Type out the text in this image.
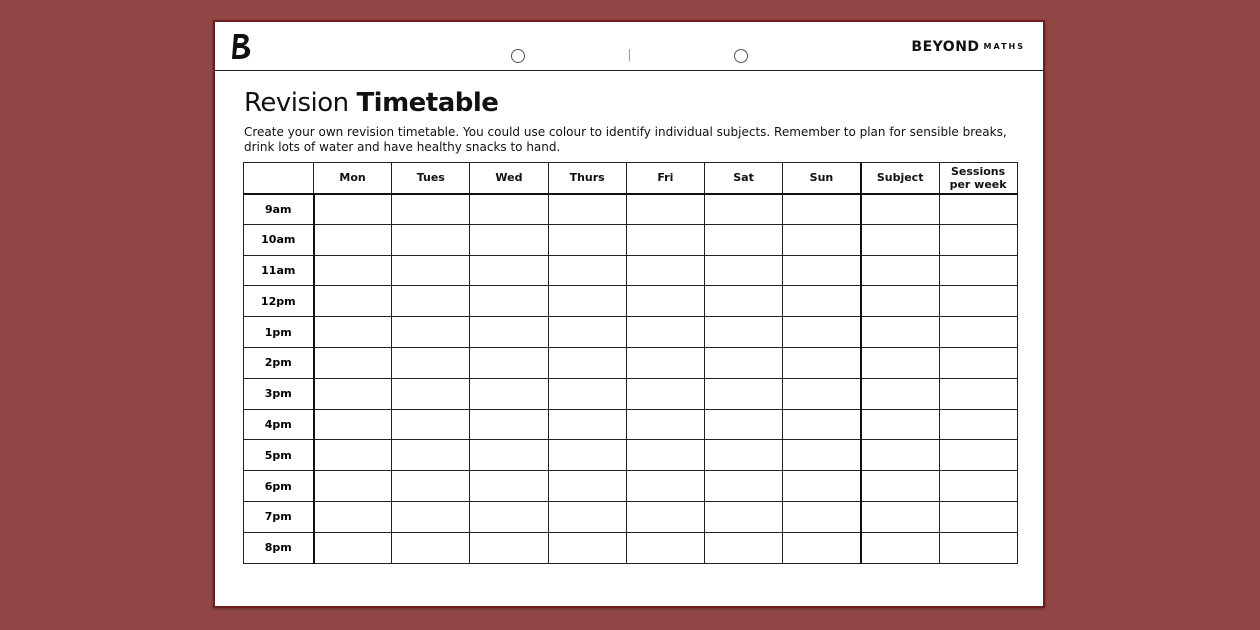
BEYOND $^{MATHS}$
Revision Timetable

Create your own revision timetable. You could use colour to identify individual subjects. Remember to plan for sensible breaks, drink lots of water and have healthy snacks to hand.

	Mon	Tues	Wed	Thurs	Fri	Sat	Sun	Subject	Sessions
per week
9am									
10am									
11am									
12pm									
1pm									
2pm									
3pm									
4pm									
5pm									
6pm									
7pm									
8pm									
